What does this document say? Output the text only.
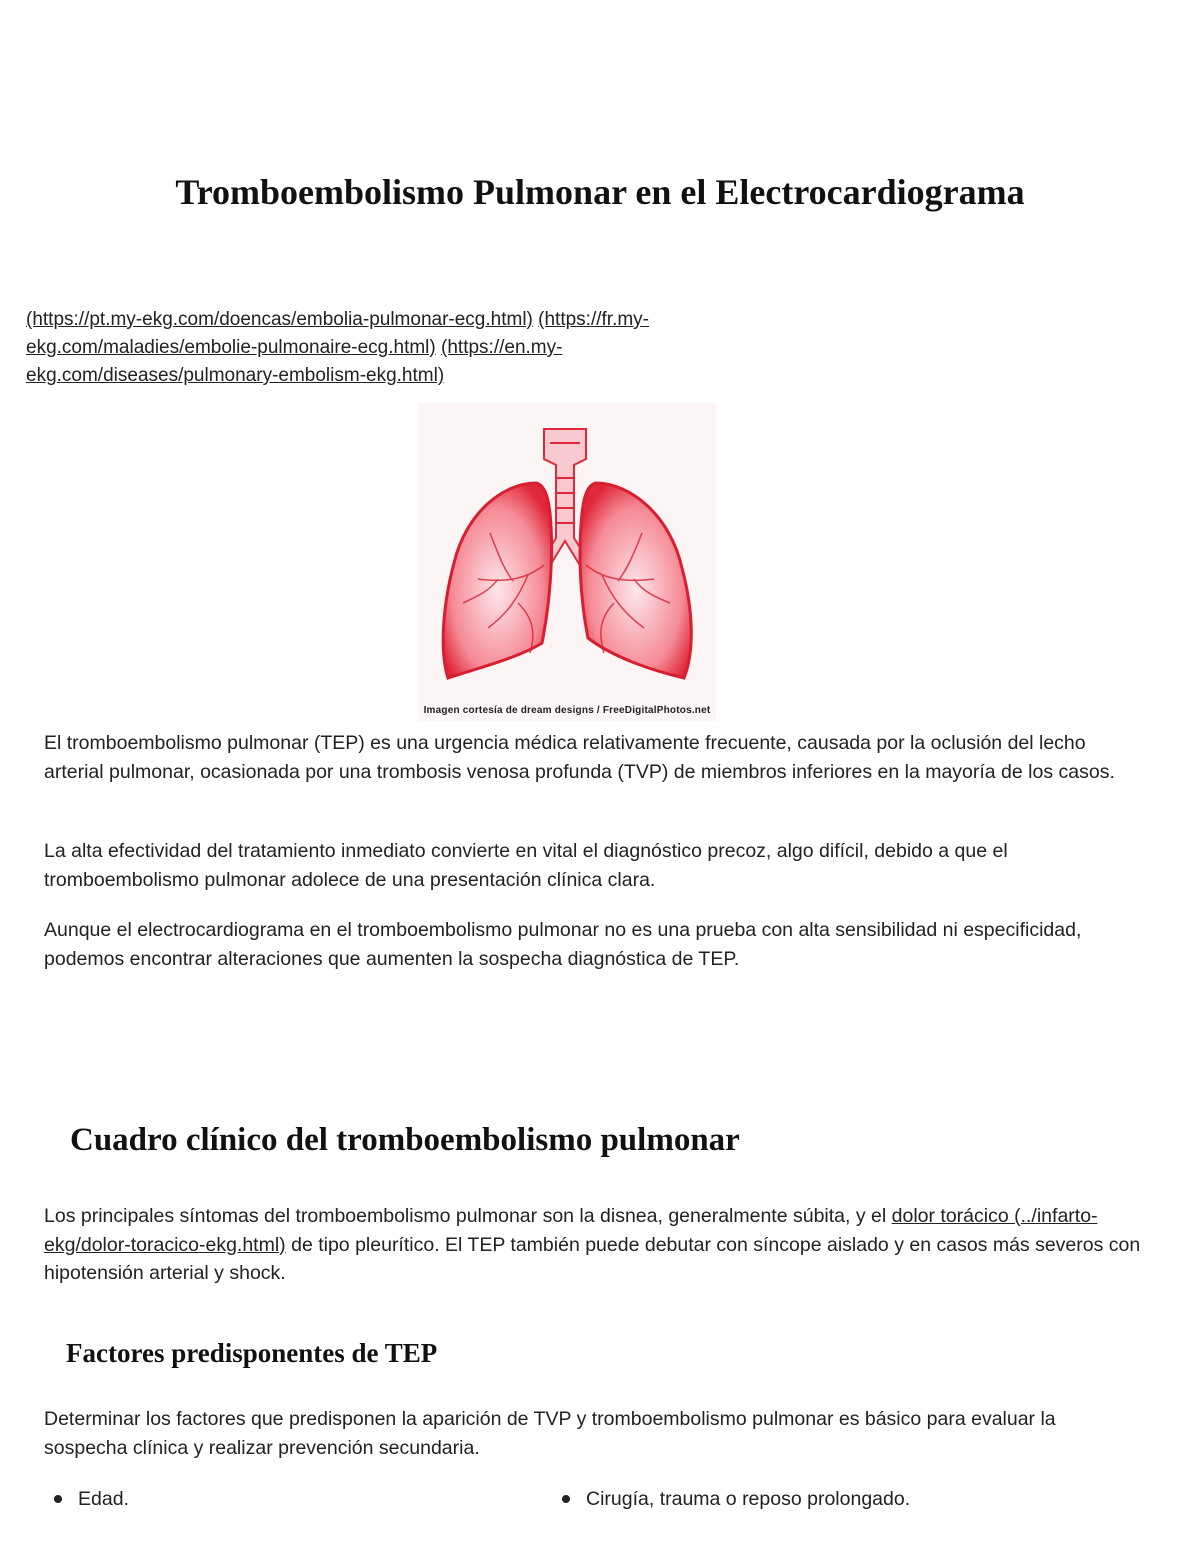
Tromboembolismo Pulmonar en el Electrocardiograma
(https://pt.my-ekg.com/doencas/embolia-pulmonar-ecg.html) (https://fr.my-ekg.com/maladies/embolie-pulmonaire-ecg.html) (https://en.my-ekg.com/diseases/pulmonary-embolism-ekg.html)
Imagen cortesía de dream designs / FreeDigitalPhotos.net

El tromboembolismo pulmonar (TEP) es una urgencia médica relativamente frecuente, causada por la oclusión del lecho arterial pulmonar, ocasionada por una trombosis venosa profunda (TVP) de miembros inferiores en la mayoría de los casos.

La alta efectividad del tratamiento inmediato convierte en vital el diagnóstico precoz, algo difícil, debido a que el tromboembolismo pulmonar adolece de una presentación clínica clara.

Aunque el electrocardiograma en el tromboembolismo pulmonar no es una prueba con alta sensibilidad ni especificidad, podemos encontrar alteraciones que aumenten la sospecha diagnóstica de TEP.

Cuadro clínico del tromboembolismo pulmonar

Los principales síntomas del tromboembolismo pulmonar son la disnea, generalmente súbita, y el dolor torácico (../infarto-ekg/dolor-toracico-ekg.html) de tipo pleurítico. El TEP también puede debutar con síncope aislado y en casos más severos con hipotensión arterial y shock.

Factores predisponentes de TEP

Determinar los factores que predisponen la aparición de TVP y tromboembolismo pulmonar es básico para evaluar la sospecha clínica y realizar prevención secundaria.

Edad.	Cirugía, trauma o reposo prolongado.
